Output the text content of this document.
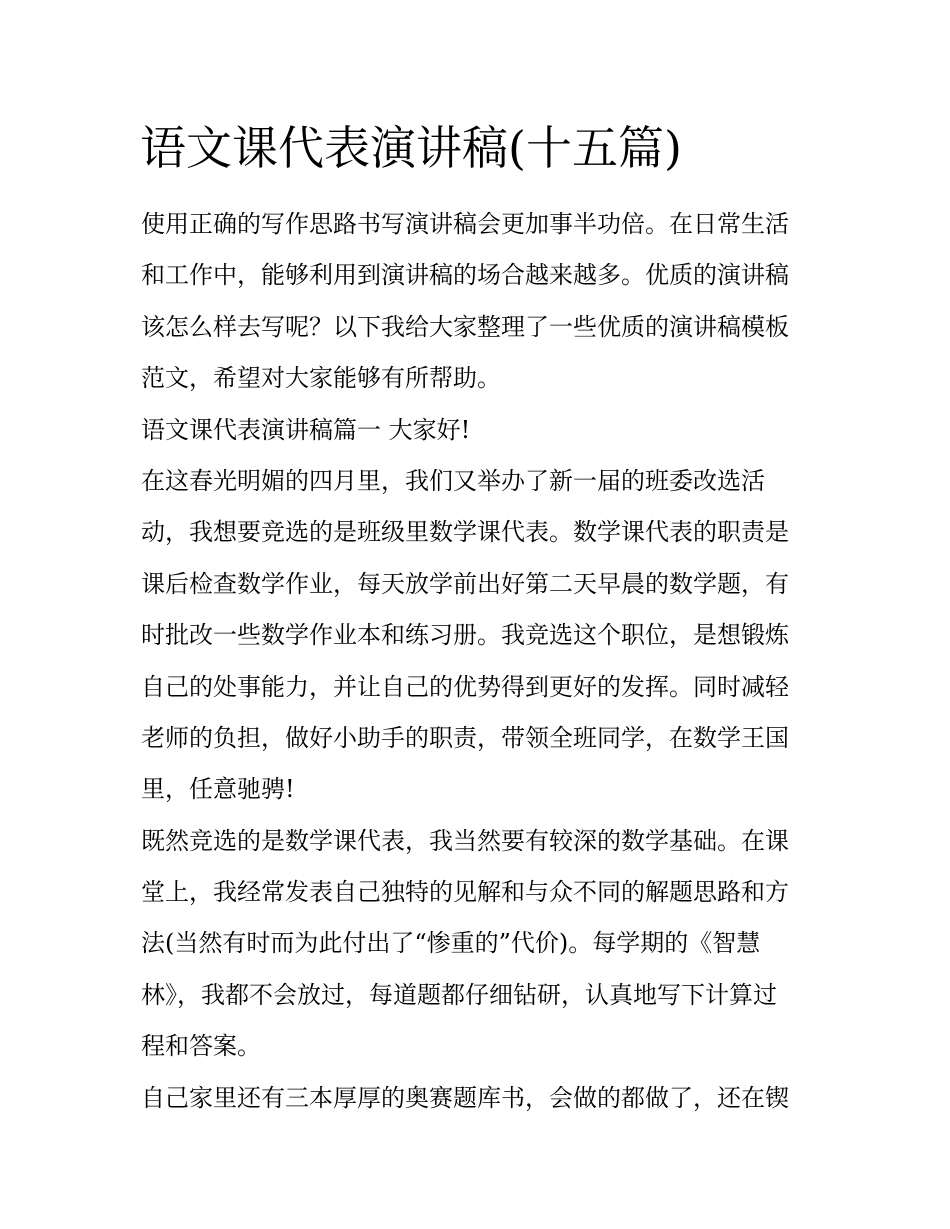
语文课代表演讲稿(十五篇)
使用正确的写作思路书写演讲稿会更加事半功倍。在日常生活
和工作中，能够利用到演讲稿的场合越来越多。优质的演讲稿
该怎么样去写呢？以下我给大家整理了一些优质的演讲稿模板
范文，希望对大家能够有所帮助。
语文课代表演讲稿篇一 大家好!
在这春光明媚的四月里，我们又举办了新一届的班委改选活
动，我想要竞选的是班级里数学课代表。数学课代表的职责是
课后检查数学作业，每天放学前出好第二天早晨的数学题，有
时批改一些数学作业本和练习册。我竞选这个职位，是想锻炼
自己的处事能力，并让自己的优势得到更好的发挥。同时减轻
老师的负担，做好小助手的职责，带领全班同学，在数学王国
里，任意驰骋!
既然竞选的是数学课代表，我当然要有较深的数学基础。在课
堂上，我经常发表自己独特的见解和与众不同的解题思路和方
法(当然有时而为此付出了“惨重的”代价)。每学期的《智慧
林》，我都不会放过，每道题都仔细钻研，认真地写下计算过
程和答案。
自己家里还有三本厚厚的奥赛题库书，会做的都做了，还在锲
